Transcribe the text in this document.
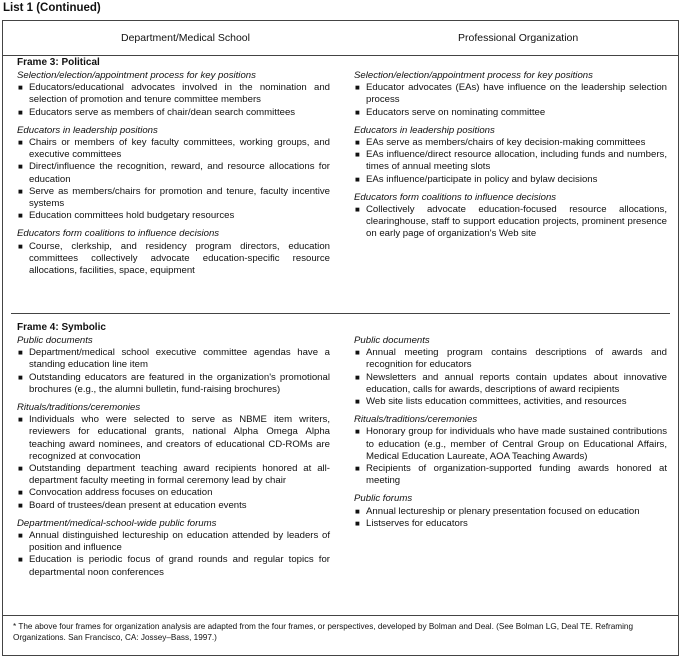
List 1 (Continued)
Department/Medical School	Professional Organization
Frame 3: Political

Selection/election/appointment process for key positions

■ Educators/educational advocates involved in the nomination and selection of promotion and tenure committee members
■ Educators serve as members of chair/dean search committees

Educators in leadership positions

■ Chairs or members of key faculty committees, working groups, and executive committees
■ Direct/influence the recognition, reward, and resource allocations for education
■ Serve as members/chairs for promotion and tenure, faculty incentive systems
■ Education committees hold budgetary resources

Educators form coalitions to influence decisions

■ Course, clerkship, and residency program directors, education committees collectively advocate education-specific resource allocations, facilities, space, equipment

Selection/election/appointment process for key positions

■ Educator advocates (EAs) have influence on the leadership selection process
■ Educators serve on nominating committee

Educators in leadership positions

■ EAs serve as members/chairs of key decision-making committees
■ EAs influence/direct resource allocation, including funds and numbers, times of annual meeting slots
■ EAs influence/participate in policy and bylaw decisions

Educators form coalitions to influence decisions

■ Collectively advocate education-focused resource allocations, clearinghouse, staff to support education projects, prominent presence on early page of organization's Web site
Frame 4: Symbolic

Public documents

■ Department/medical school executive committee agendas have a standing education line item
■ Outstanding educators are featured in the organization's promotional brochures (e.g., the alumni bulletin, fund-raising brochures)

Rituals/traditions/ceremonies

■ Individuals who were selected to serve as NBME item writers, reviewers for educational grants, national Alpha Omega Alpha teaching award nominees, and creators of educational CD-ROMs are recognized at convocation
■ Outstanding department teaching award recipients honored at all-department faculty meeting in formal ceremony lead by chair
■ Convocation address focuses on education
■ Board of trustees/dean present at education events

Department/medical-school-wide public forums

■ Annual distinguished lectureship on education attended by leaders of position and influence
■ Education is periodic focus of grand rounds and regular topics for departmental noon conferences

Public documents

■ Annual meeting program contains descriptions of awards and recognition for educators
■ Newsletters and annual reports contain updates about innovative education, calls for awards, descriptions of award recipients
■ Web site lists education committees, activities, and resources

Rituals/traditions/ceremonies

■ Honorary group for individuals who have made sustained contributions to education (e.g., member of Central Group on Educational Affairs, Medical Education Laureate, AOA Teaching Awards)
■ Recipients of organization-supported funding awards honored at meeting

Public forums

■ Annual lectureship or plenary presentation focused on education
■ Listserves for educators
* The above four frames for organization analysis are adapted from the four frames, or perspectives, developed by Bolman and Deal. (See Bolman LG, Deal TE. Reframing Organizations. San Francisco, CA: Jossey–Bass, 1997.)
